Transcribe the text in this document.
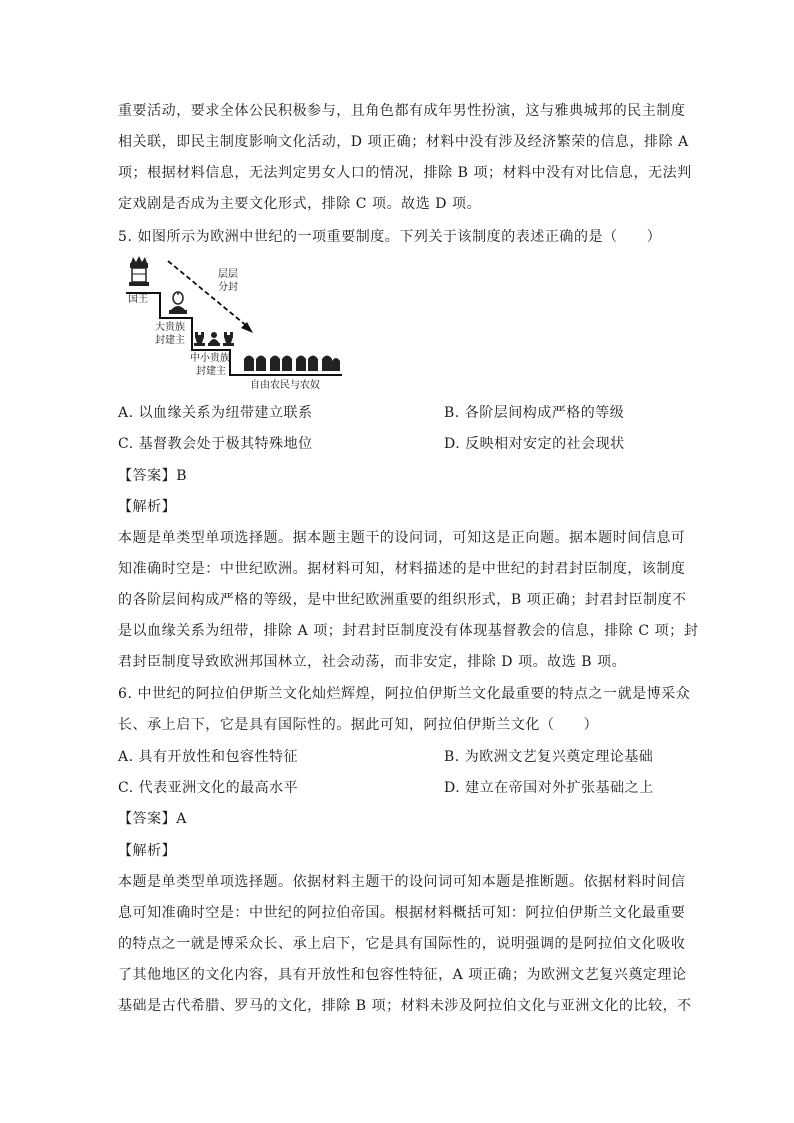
重要活动，要求全体公民积极参与，且角色都有成年男性扮演，这与雅典城邦的民主制度
相关联，即民主制度影响文化活动，D 项正确；材料中没有涉及经济繁荣的信息，排除 A
项；根据材料信息，无法判定男女人口的情况，排除 B 项；材料中没有对比信息，无法判
定戏剧是否成为主要文化形式，排除 C 项。故选 D 项。
5. 如图所示为欧洲中世纪的一项重要制度。下列关于该制度的表述正确的是（　　）
国王
大贵族
封建主
中小贵族
封建主
自由农民与农奴
层层
分封
A. 以血缘关系为纽带建立联系	B. 各阶层间构成严格的等级
C. 基督教会处于极其特殊地位	D. 反映相对安定的社会现状
【答案】B
【解析】
本题是单类型单项选择题。据本题主题干的设问词，可知这是正向题。据本题时间信息可
知准确时空是：中世纪欧洲。据材料可知，材料描述的是中世纪的封君封臣制度，该制度
的各阶层间构成严格的等级，是中世纪欧洲重要的组织形式，B 项正确；封君封臣制度不
是以血缘关系为纽带，排除 A 项；封君封臣制度没有体现基督教会的信息，排除 C 项；封
君封臣制度导致欧洲邦国林立，社会动荡，而非安定，排除 D 项。故选 B 项。
6. 中世纪的阿拉伯伊斯兰文化灿烂辉煌，阿拉伯伊斯兰文化最重要的特点之一就是博采众
长、承上启下，它是具有国际性的。据此可知，阿拉伯伊斯兰文化（　　）
A. 具有开放性和包容性特征	B. 为欧洲文艺复兴奠定理论基础
C. 代表亚洲文化的最高水平	D. 建立在帝国对外扩张基础之上
【答案】A
【解析】
本题是单类型单项选择题。依据材料主题干的设问词可知本题是推断题。依据材料时间信
息可知准确时空是：中世纪的阿拉伯帝国。根据材料概括可知：阿拉伯伊斯兰文化最重要
的特点之一就是博采众长、承上启下，它是具有国际性的，说明强调的是阿拉伯文化吸收
了其他地区的文化内容，具有开放性和包容性特征，A 项正确；为欧洲文艺复兴奠定理论
基础是古代希腊、罗马的文化，排除 B 项；材料未涉及阿拉伯文化与亚洲文化的比较，不
